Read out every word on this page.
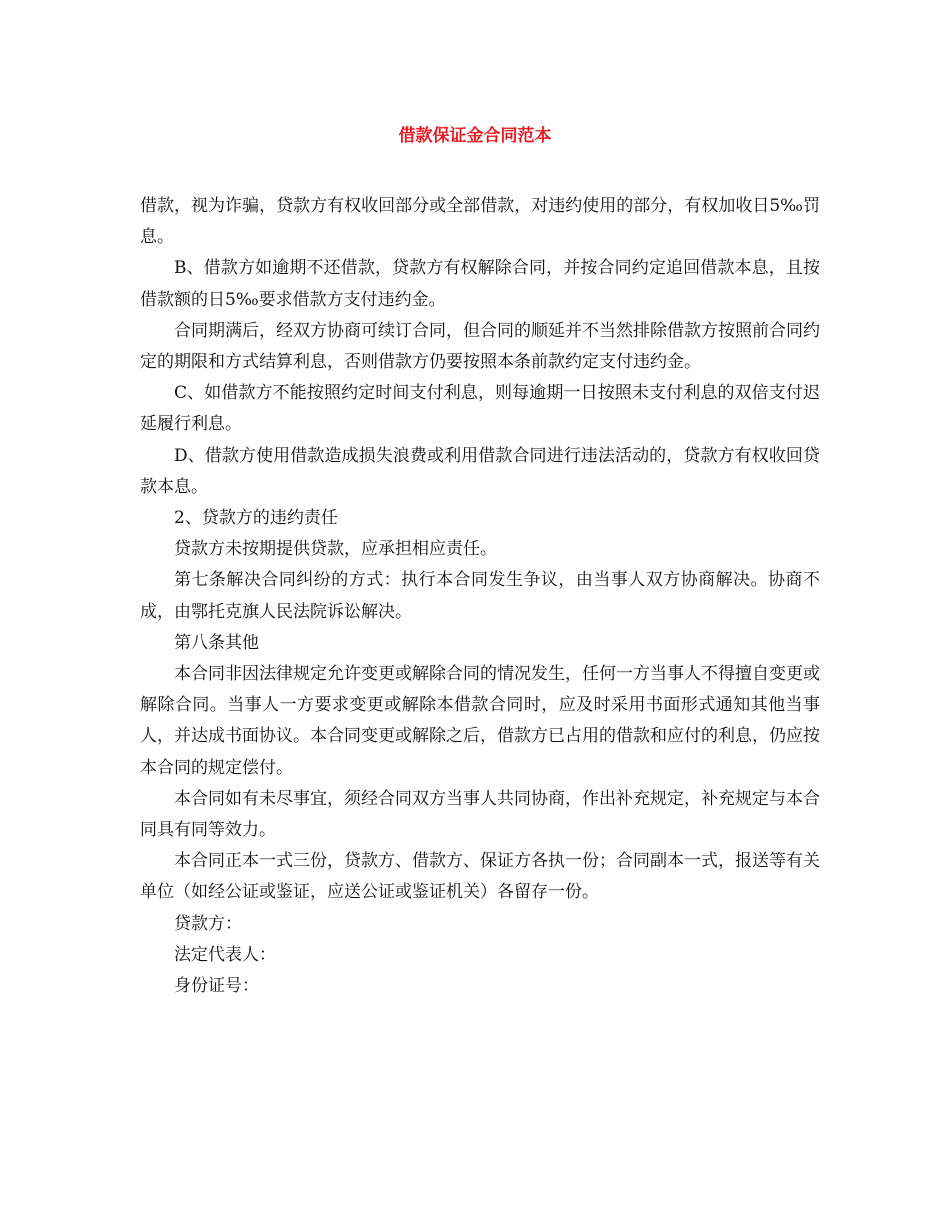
借款保证金合同范本

借款，视为诈骗，贷款方有权收回部分或全部借款，对违约使用的部分，有权加收日5‰罚息。

B、借款方如逾期不还借款，贷款方有权解除合同，并按合同约定追回借款本息，且按借款额的日5‰要求借款方支付违约金。

合同期满后，经双方协商可续订合同，但合同的顺延并不当然排除借款方按照前合同约定的期限和方式结算利息，否则借款方仍要按照本条前款约定支付违约金。

C、如借款方不能按照约定时间支付利息，则每逾期一日按照未支付利息的双倍支付迟延履行利息。

D、借款方使用借款造成损失浪费或利用借款合同进行违法活动的，贷款方有权收回贷款本息。

2、贷款方的违约责任

贷款方未按期提供贷款，应承担相应责任。

第七条解决合同纠纷的方式：执行本合同发生争议，由当事人双方协商解决。协商不成，由鄂托克旗人民法院诉讼解决。

第八条其他

本合同非因法律规定允许变更或解除合同的情况发生，任何一方当事人不得擅自变更或解除合同。当事人一方要求变更或解除本借款合同时，应及时采用书面形式通知其他当事人，并达成书面协议。本合同变更或解除之后，借款方已占用的借款和应付的利息，仍应按本合同的规定偿付。

本合同如有未尽事宜，须经合同双方当事人共同协商，作出补充规定，补充规定与本合同具有同等效力。

本合同正本一式三份，贷款方、借款方、保证方各执一份；合同副本一式，报送等有关单位（如经公证或鉴证，应送公证或鉴证机关）各留存一份。

贷款方：

法定代表人：

身份证号：
